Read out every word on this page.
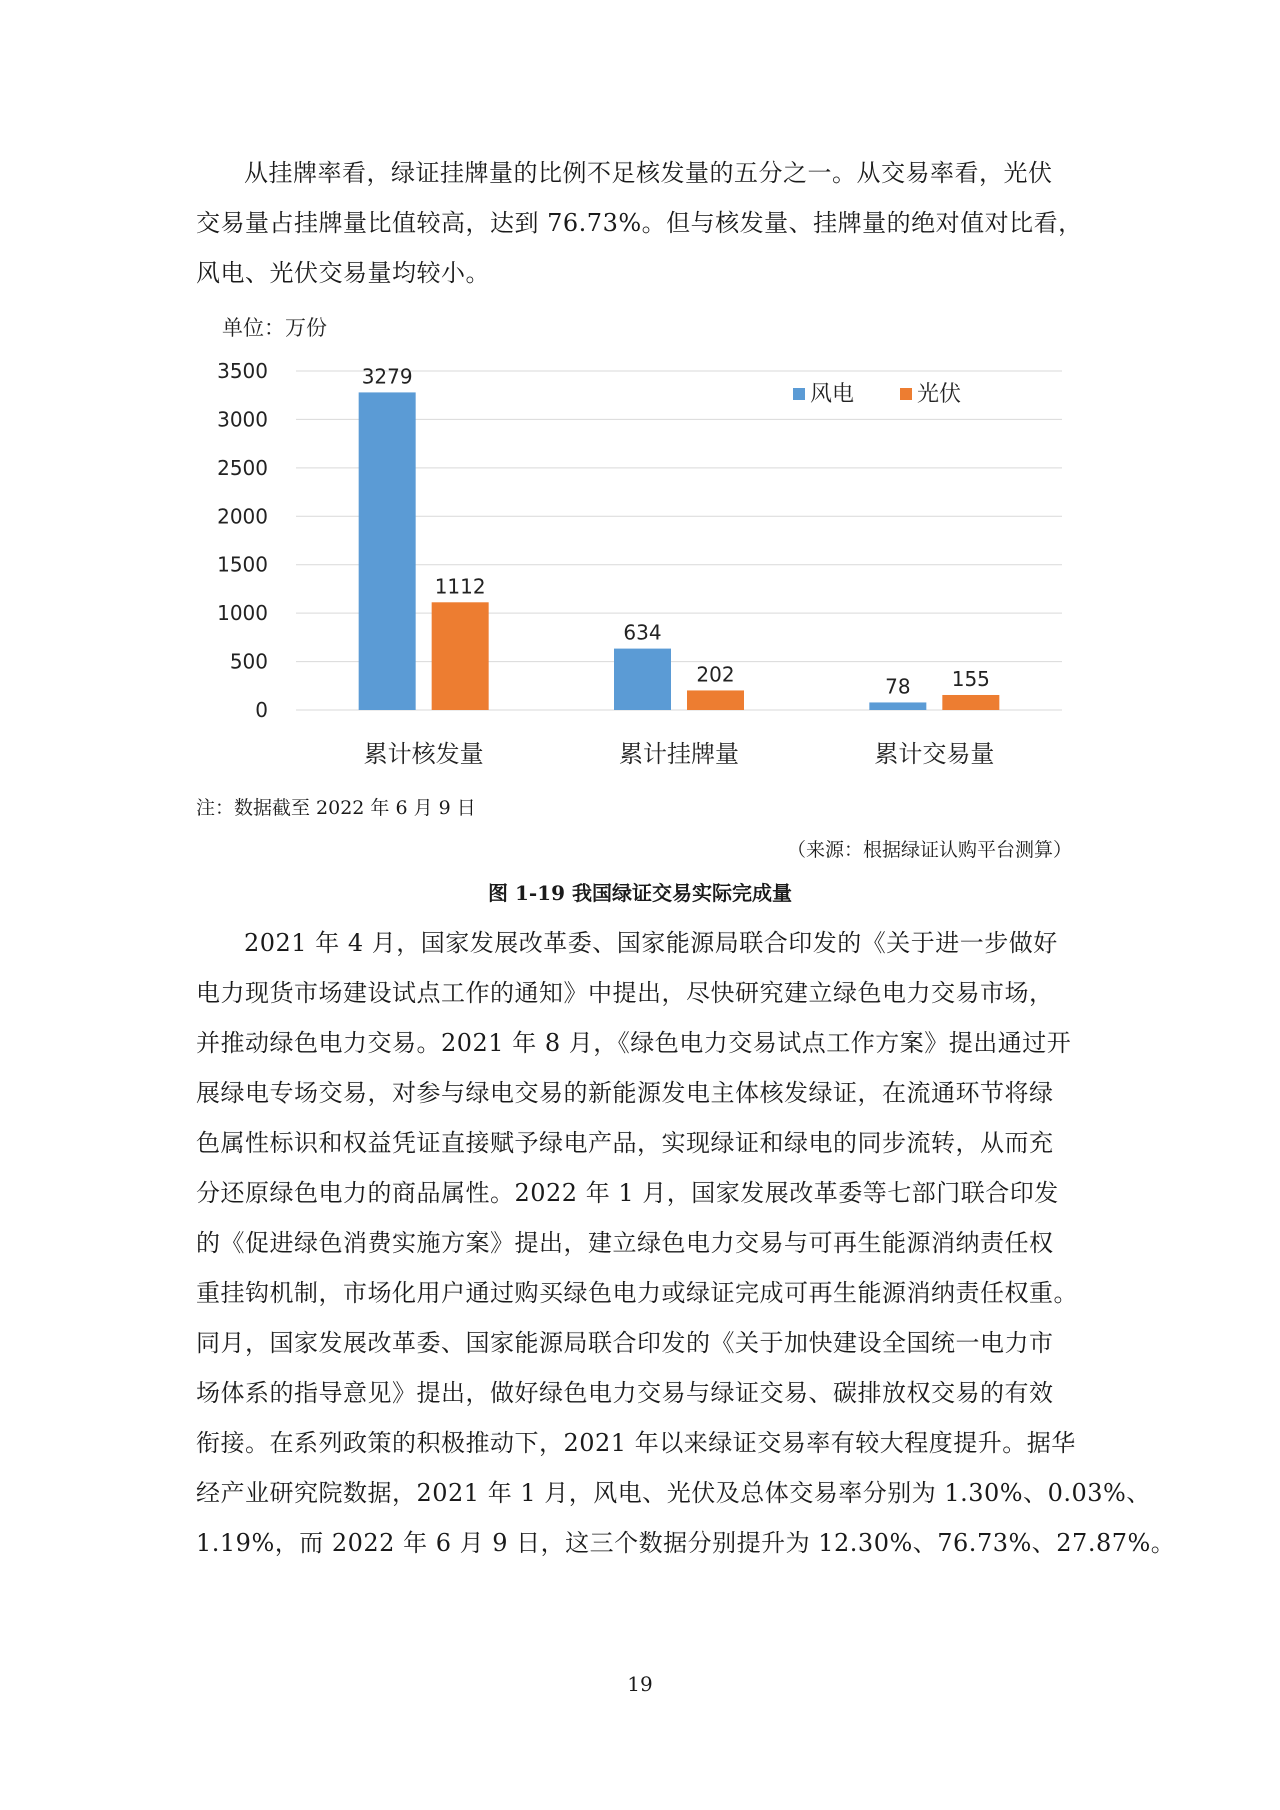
从挂牌率看，绿证挂牌量的比例不足核发量的五分之一。从交易率看，光伏
交易量占挂牌量比值较高，达到 76.73%。但与核发量、挂牌量的绝对值对比看，
风电、光伏交易量均较小。
单位：万份
0
500
1000
1500
2000
2500
3000
3500	3279
1112
累计核发量
634
202
累计挂牌量
78 155
累计交易量
风电	光伏

注：数据截至 2022 年 6 月 9 日

（来源：根据绿证认购平台测算）

图 1-19 我国绿证交易实际完成量

2021 年 4 月，国家发展改革委、国家能源局联合印发的《关于进一步做好
电力现货市场建设试点工作的通知》中提出，尽快研究建立绿色电力交易市场，
并推动绿色电力交易。2021 年 8 月，《绿色电力交易试点工作方案》提出通过开
展绿电专场交易，对参与绿电交易的新能源发电主体核发绿证，在流通环节将绿
色属性标识和权益凭证直接赋予绿电产品，实现绿证和绿电的同步流转，从而充
分还原绿色电力的商品属性。2022 年 1 月，国家发展改革委等七部门联合印发
的《促进绿色消费实施方案》提出，建立绿色电力交易与可再生能源消纳责任权
重挂钩机制，市场化用户通过购买绿色电力或绿证完成可再生能源消纳责任权重。
同月，国家发展改革委、国家能源局联合印发的《关于加快建设全国统一电力市
场体系的指导意见》提出，做好绿色电力交易与绿证交易、碳排放权交易的有效
衔接。在系列政策的积极推动下，2021 年以来绿证交易率有较大程度提升。据华
经产业研究院数据，2021 年 1 月，风电、光伏及总体交易率分别为 1.30%、0.03%、
1.19%，而 2022 年 6 月 9 日，这三个数据分别提升为 12.30%、76.73%、27.87%。

19
